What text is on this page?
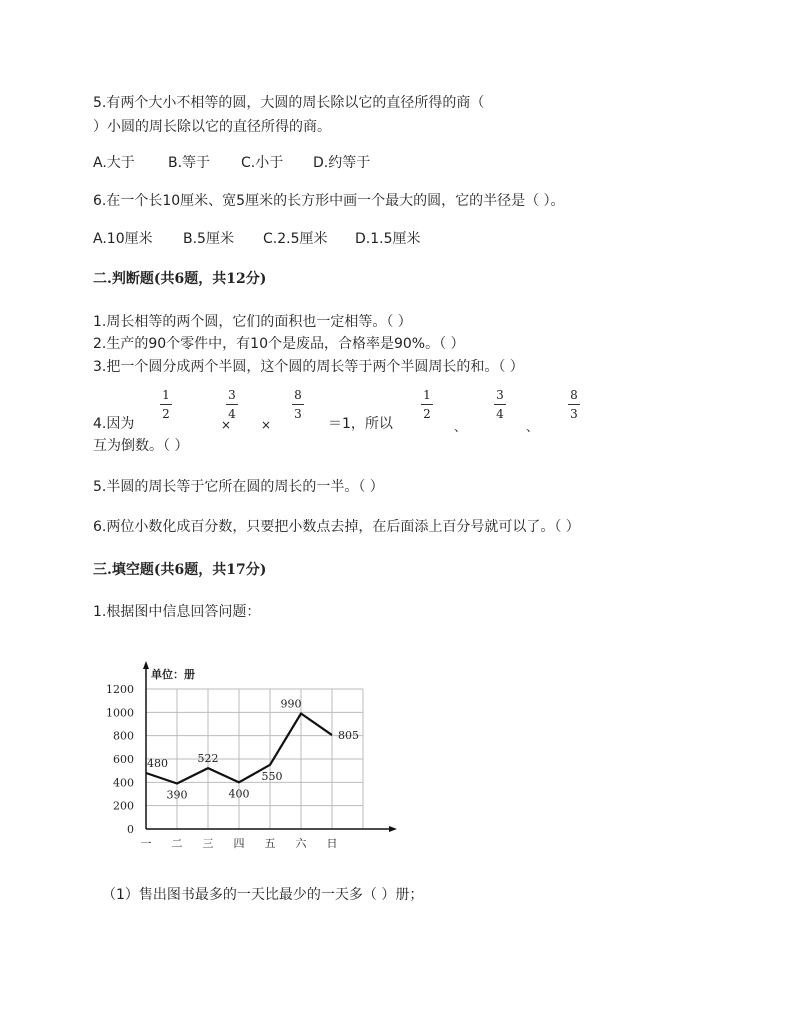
5.有两个大小不相等的圆，大圆的周长除以它的直径所得的商（
）小圆的周长除以它的直径所得的商。
A.大于 B.等于 C.小于 D.约等于
6.在一个长10厘米、宽5厘米的长方形中画一个最大的圆，它的半径是（ ）。
A.10厘米 B.5厘米 C.2.5厘米 D.1.5厘米
二.判断题(共6题，共12分)
1.周长相等的两个圆，它们的面积也一定相等。（ ）
2.生产的90个零件中，有10个是废品，合格率是90%。（ ）
3.把一个圆分成两个半圆，这个圆的周长等于两个半圆周长的和。（ ）
4.因为
1
2
×
3
4
×
8
3
＝1，所以
1
2
、
3
4
、
8
3
互为倒数。（ ）
5.半圆的周长等于它所在圆的周长的一半。（ ）
6.两位小数化成百分数，只要把小数点去掉，在后面添上百分号就可以了。（ ）
三.填空题(共6题，共17分)
1.根据图中信息回答问题：
单位：册
0
200
400
600
800
1000
1200
一 二 三 四 五 六 日
480
390
522
400
550
990
805
（1）售出图书最多的一天比最少的一天多（ ）册；
